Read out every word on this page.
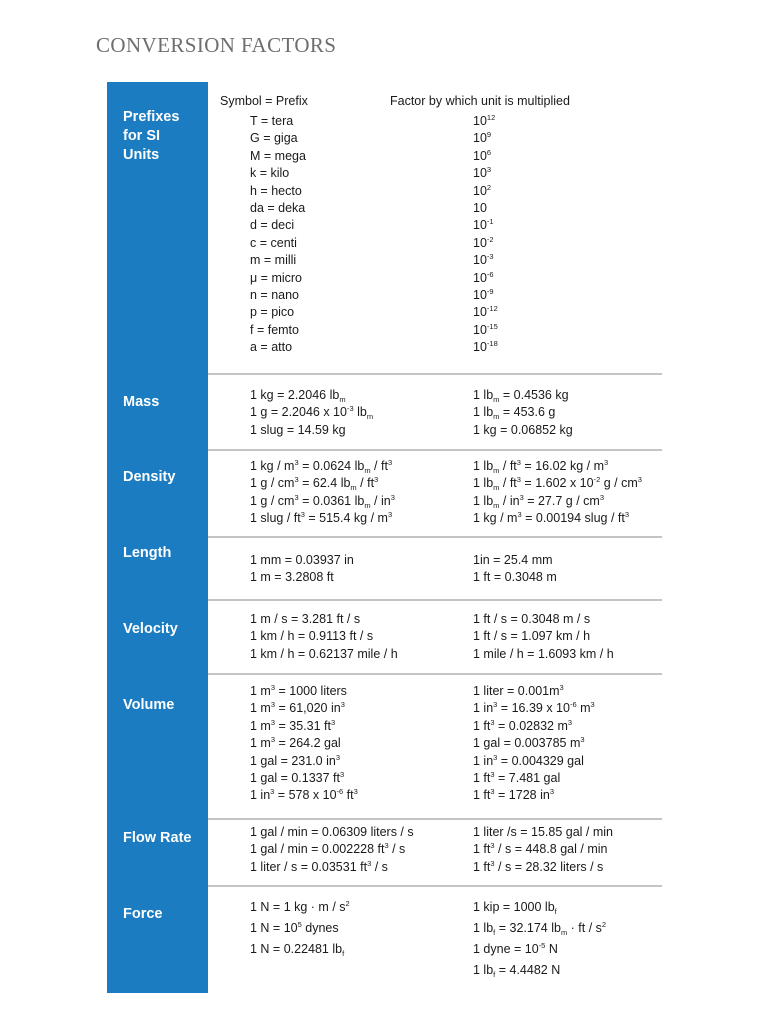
CONVERSION FACTORS

Prefixes for SI Units

Mass

Density

Length

Velocity

Volume

Flow Rate

Force

Symbol = Prefix	Factor by which unit is multiplied
T = tera
G = giga
M = mega
k = kilo
h = hecto
da = deka
d = deci
c = centi
m = milli
μ = micro
n = nano
p = pico
f = femto
a = atto
$10^{12}$
$10^9$
$10^6$
$10^3$
$10^2$
10
$10^{-1}$
$10^{-2}$
$10^{-3}$
$10^{-6}$
$10^{-9}$
$10^{-12}$
$10^{-15}$
$10^{-18}$
1 kg = 2.2046 $lb_m$
1 g = 2.2046 x $10^{-3}$ $lb_m$
1 slug = 14.59 kg
1 $lb_m = 0.4536$ kg
1 $lb_m = 453.6$ g
1 kg = 0.06852 kg
1 kg / $m^3 = 0.0624$ $lb_m / ft^3$
1 $g / cm^3 = 62.4$ $lb_m / ft^3$
1 $g / cm^3 = 0.0361$ $lb_m / in^3$
1 slug / $ft^3 = 515.4$ kg / $m^3$
1 $lb_m / ft^3 = 16.02$ kg / $m^3$
1 $lb_m / ft^3 = 1.602$ x $10^{-2}$ g / $cm^3$
1 $lb_m / in^3 = 27.7$ g / $cm^3$
1 kg / $m^3 = 0.00194$ slug / $ft^3$
1 mm = 0.03937 in
1 m = 3.2808 ft
1in = 25.4 mm
1 ft = 0.3048 m
1 m / s = 3.281 ft / s
1 km / h = 0.9113 ft / s
1 km / h = 0.62137 mile / h
1 ft / s = 0.3048 m / s
1 ft / s = 1.097 km / h
1 mile / h = 1.6093 km / h
1 $m^3 = 1000$ liters
1 $m^3 = 61,020$ $in^3$
1 $m^3 = 35.31$ $ft^3$
1 $m^3 = 264.2$ gal
1 gal = 231.0 $in^3$
1 gal = 0.1337 $ft^3$
1 $in^3 = 578$ x $10^{-6}$ $ft^3$
1 liter = $0.001m^3$
1 $in^3 = 16.39$ x $10^{-6}$ $m^3$
1 $ft^3 = 0.02832$ $m^3$
1 gal = 0.003785 $m^3$
1 $in^3 = 0.004329$ gal
1 $ft^3 = 7.481$ gal
1 $ft^3 = 1728$ $in^3$
1 gal / min = 0.06309 liters / s
1 gal / min = 0.002228 $ft^3$ / s
1 liter / s = 0.03531 $ft^3$ / s
1 liter /s = 15.85 gal / min
1 $ft^3 / s = 448.8$ gal / min
1 $ft^3 / s = 28.32$ liters / s
1 N = 1 kg · m / $s^2$
1 $N = 10^5$ dynes
1 N = 0.22481 $lb_f$
1 kip = 1000 $lb_f$
1 $lb_f = 32.174$ $lb_m$ · ft / $s^2$
1 dyne = $10^{-5}$ N
1 $lb_f = 4.4482$ N
